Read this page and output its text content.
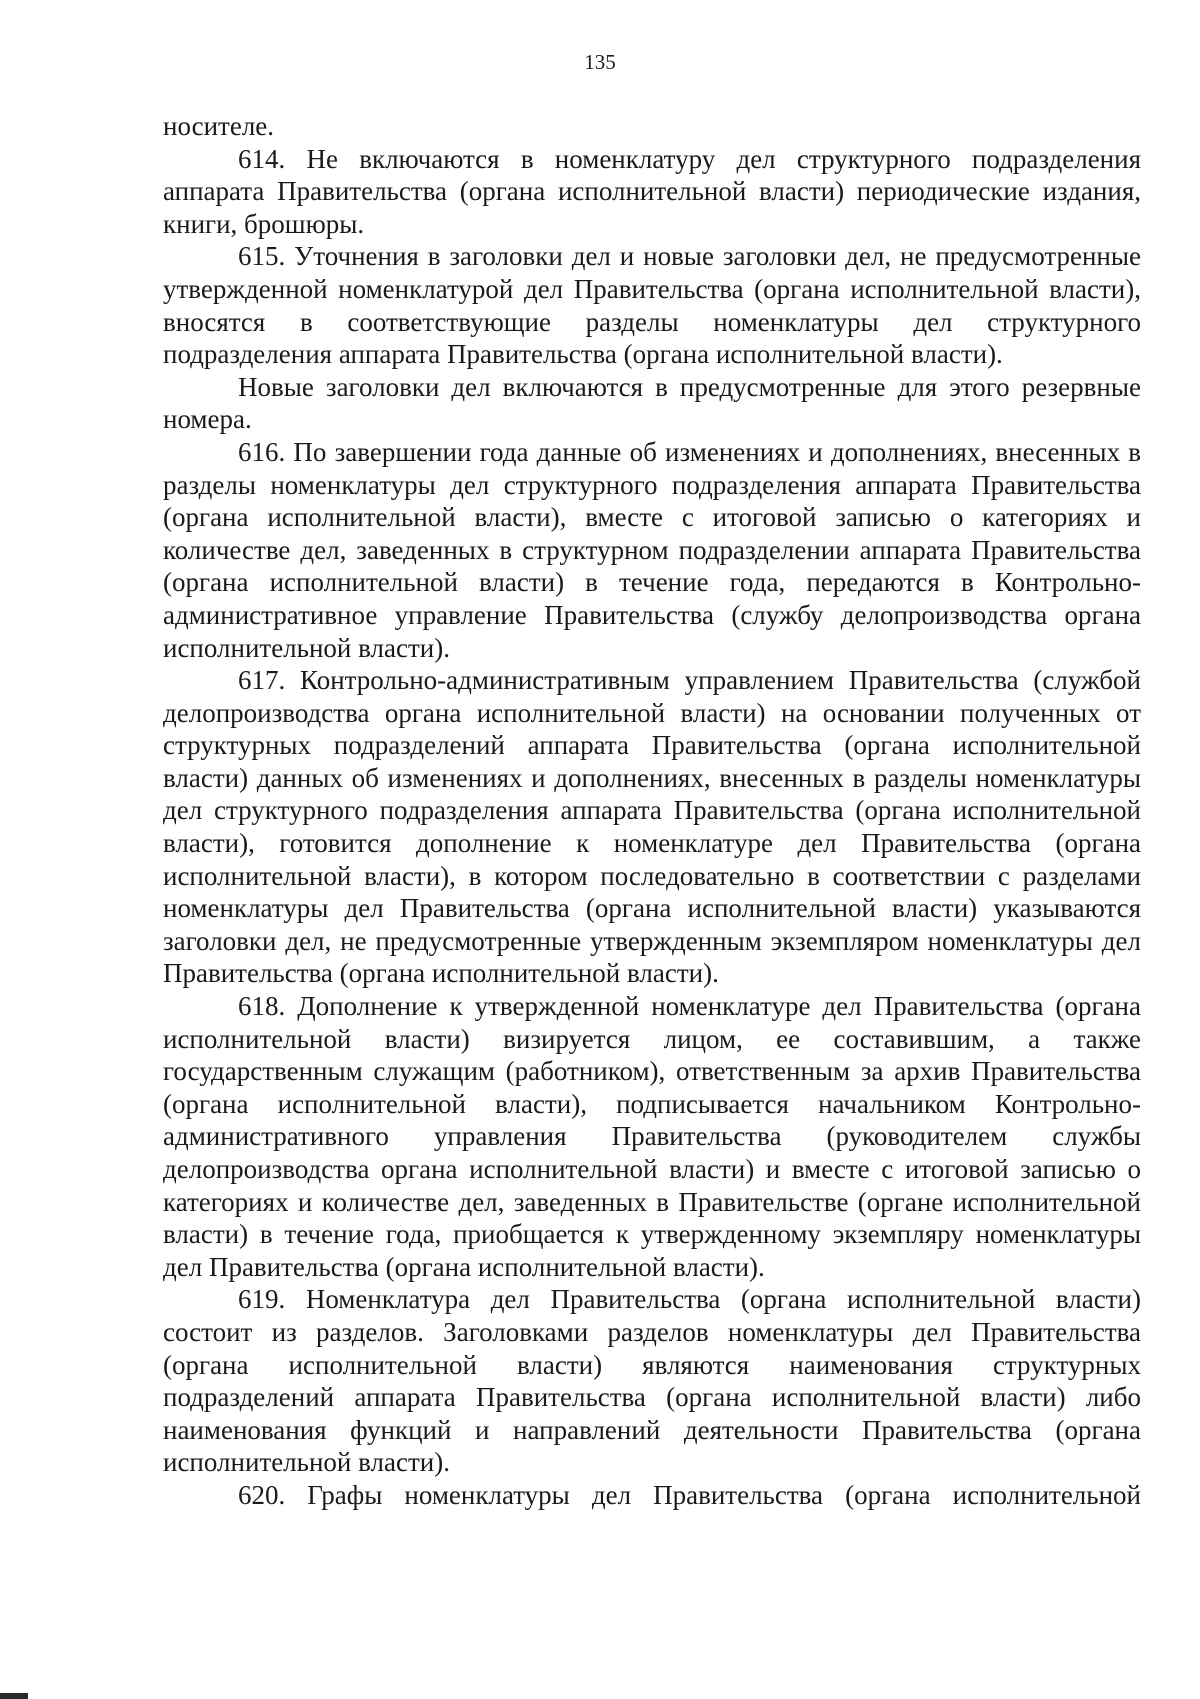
135

носителе.

614. Не включаются в номенклатуру дел структурного подразделения аппарата Правительства (органа исполнительной власти) периодические издания, книги, брошюры.

615. Уточнения в заголовки дел и новые заголовки дел, не предусмотренные утвержденной номенклатурой дел Правительства (органа исполнительной власти), вносятся в соответствующие разделы номенклатуры дел структурного подразделения аппарата Правительства (органа исполнительной власти).

Новые заголовки дел включаются в предусмотренные для этого резервные номера.

616. По завершении года данные об изменениях и дополнениях, внесенных в разделы номенклатуры дел структурного подразделения аппарата Правительства (органа исполнительной власти), вместе с итоговой записью о категориях и количестве дел, заведенных в структурном подразделении аппарата Правительства (органа исполнительной власти) в течение года, передаются в Контрольно-административное управление Правительства (службу делопроизводства органа исполнительной власти).

617. Контрольно-административным управлением Правительства (службой делопроизводства органа исполнительной власти) на основании полученных от структурных подразделений аппарата Правительства (органа исполнительной власти) данных об изменениях и дополнениях, внесенных в разделы номенклатуры дел структурного подразделения аппарата Правительства (органа исполнительной власти), готовится дополнение к номенклатуре дел Правительства (органа исполнительной власти), в котором последовательно в соответствии с разделами номенклатуры дел Правительства (органа исполнительной власти) указываются заголовки дел, не предусмотренные утвержденным экземпляром номенклатуры дел Правительства (органа исполнительной власти).

618. Дополнение к утвержденной номенклатуре дел Правительства (органа исполнительной власти) визируется лицом, ее составившим, а также государственным служащим (работником), ответственным за архив Правительства (органа исполнительной власти), подписывается начальником Контрольно-административного управления Правительства (руководителем службы делопроизводства органа исполнительной власти) и вместе с итоговой записью о категориях и количестве дел, заведенных в Правительстве (органе исполнительной власти) в течение года, приобщается к утвержденному экземпляру номенклатуры дел Правительства (органа исполнительной власти).

619. Номенклатура дел Правительства (органа исполнительной власти) состоит из разделов. Заголовками разделов номенклатуры дел Правительства (органа исполнительной власти) являются наименования структурных подразделений аппарата Правительства (органа исполнительной власти) либо наименования функций и направлений деятельности Правительства (органа исполнительной власти).

620. Графы номенклатуры дел Правительства (органа исполнительной
